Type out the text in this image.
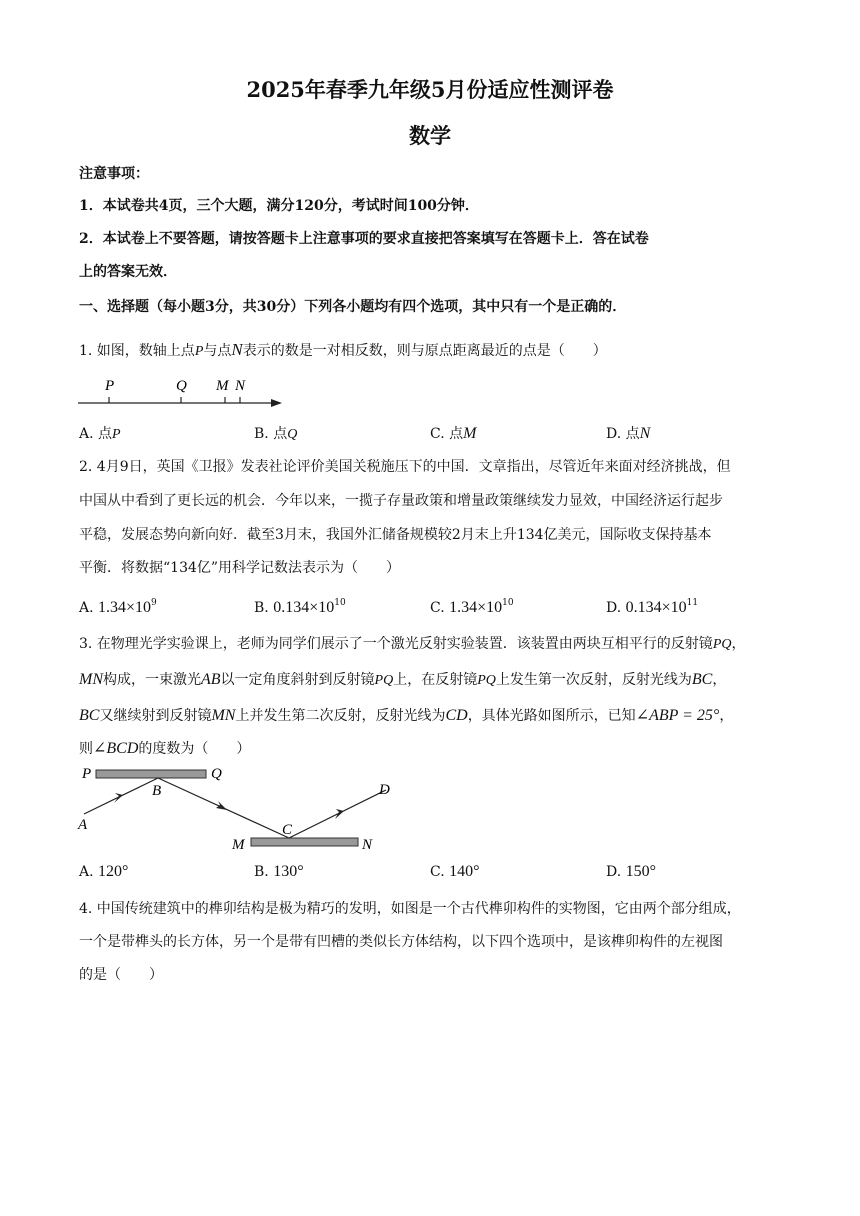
2025年春季九年级5月份适应性测评卷
数学
注意事项：
1．本试卷共4页，三个大题，满分120分，考试时间100分钟．
2．本试卷上不要答题，请按答题卡上注意事项的要求直接把答案填写在答题卡上．答在试卷
上的答案无效．
一、选择题（每小题3分，共30分）下列各小题均有四个选项，其中只有一个是正确的．
1. 如图，数轴上点P与点N表示的数是一对相反数，则与原点距离最近的点是（　　）
P	Q M N
A. 点P	B. 点Q	C. 点M	D. 点N
2. 4月9日，英国《卫报》发表社论评价美国关税施压下的中国．文章指出，尽管近年来面对经济挑战，但
中国从中看到了更长远的机会．今年以来，一揽子存量政策和增量政策继续发力显效，中国经济运行起步
平稳，发展态势向新向好．截至3月末，我国外汇储备规模较2月末上升134亿美元，国际收支保持基本
平衡．将数据“134亿”用科学记数法表示为（　　）
A. $1.34\times 10^9$	B. $0.134\times 10^{10}$	C. $1.34\times 10^{10}$	D. $0.134\times 10^{11}$
3. 在物理光学实验课上，老师为同学们展示了一个激光反射实验装置．该装置由两块互相平行的反射镜PQ，
MN构成，一束激光AB以一定角度斜射到反射镜PQ上，在反射镜PQ上发生第一次反射，反射光线为BC，
BC又继续射到反射镜MN上并发生第二次反射，反射光线为CD，具体光路如图所示，已知∠ABP = 25°，
则∠BCD的度数为（　　）
P	Q
B	D
A	C
M	N
A. 120°	B. 130°	C. 140°	D. 150°
4. 中国传统建筑中的榫卯结构是极为精巧的发明，如图是一个古代榫卯构件的实物图，它由两个部分组成，
一个是带榫头的长方体，另一个是带有凹槽的类似长方体结构，以下四个选项中，是该榫卯构件的左视图
的是（　　）
